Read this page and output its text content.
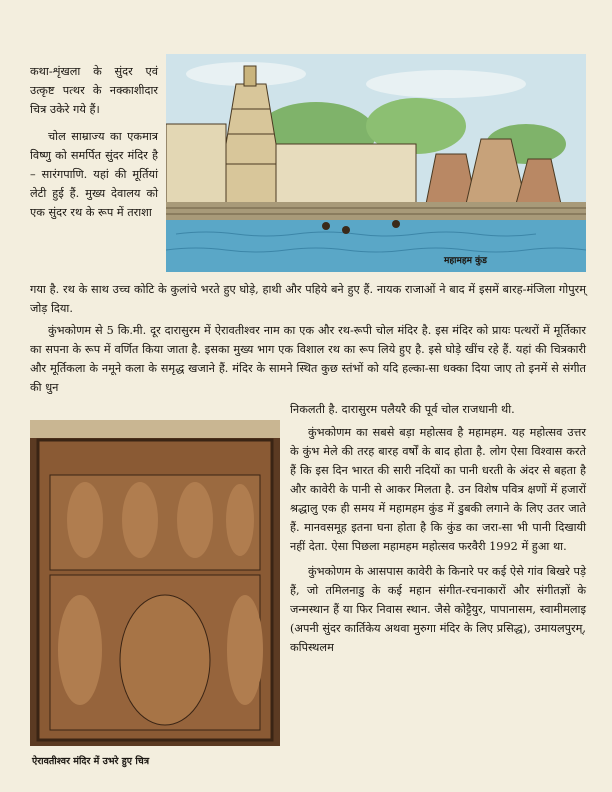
कथा-शृंखला के सुंदर एवं उत्कृष्ट पत्थर के नक्काशीदार चित्र उकेरे गये हैं।

चोल साम्राज्य का एकमात्र विष्णु को समर्पित सुंदर मंदिर है – सारंगपाणि. यहां की मूर्तियां लेटी हुई हैं. मुख्य देवालय को एक सुंदर रथ के रूप में तराशा

महामहम कुंड

गया है. रथ के साथ उच्च कोटि के कुलांचे भरते हुए घोड़े, हाथी और पहिये बने हुए हैं. नायक राजाओं ने बाद में इसमें बारह-मंजिला गोपुरम् जोड़ दिया.

कुंभकोणम से 5 कि.मी. दूर दारासुरम में ऐरावतीश्वर नाम का एक और रथ-रूपी चोल मंदिर है. इस मंदिर को प्रायः पत्थरों में मूर्तिकार का सपना के रूप में वर्णित किया जाता है. इसका मुख्य भाग एक विशाल रथ का रूप लिये हुए है. इसे घोड़े खींच रहे हैं. यहां की चित्रकारी और मूर्तिकला के नमूने कला के समृद्ध खजाने हैं. मंदिर के सामने स्थित कुछ स्तंभों को यदि हल्का-सा धक्का दिया जाए तो इनमें से संगीत की धुन

निकलती है. दारासुरम पलैयरै की पूर्व चोल राजधानी थी.

कुंभकोणम का सबसे बड़ा महोत्सव है महामहम. यह महोत्सव उत्तर के कुंभ मेले की तरह बारह वर्षों के बाद होता है. लोग ऐसा विश्वास करते हैं कि इस दिन भारत की सारी नदियों का पानी धरती के अंदर से बहता है और कावेरी के पानी से आकर मिलता है. उन विशेष पवित्र क्षणों में हजारों श्रद्धालु एक ही समय में महामहम कुंड में डुबकी लगाने के लिए उतर जाते हैं. मानवसमूह इतना घना होता है कि कुंड का जरा-सा भी पानी दिखायी नहीं देता. ऐसा पिछला महामहम महोत्सव फरवैरी 1992 में हुआ था.

कुंभकोणम के आसपास कावेरी के किनारे पर कई ऐसे गांव बिखरे पड़े हैं, जो तमिलनाडु के कई महान संगीत-रचनाकारों और संगीतज्ञों के जन्मस्थान हैं या फिर निवास स्थान. जैसे कोट्टैयुर, पापानासम, स्वामीमलाइ (अपनी सुंदर कार्तिकेय अथवा मुरुगा मंदिर के लिए प्रसिद्ध), उमायलपुरम्, कपिस्थलम

ऐरावतीश्वर मंदिर में उभरे हुए चित्र
